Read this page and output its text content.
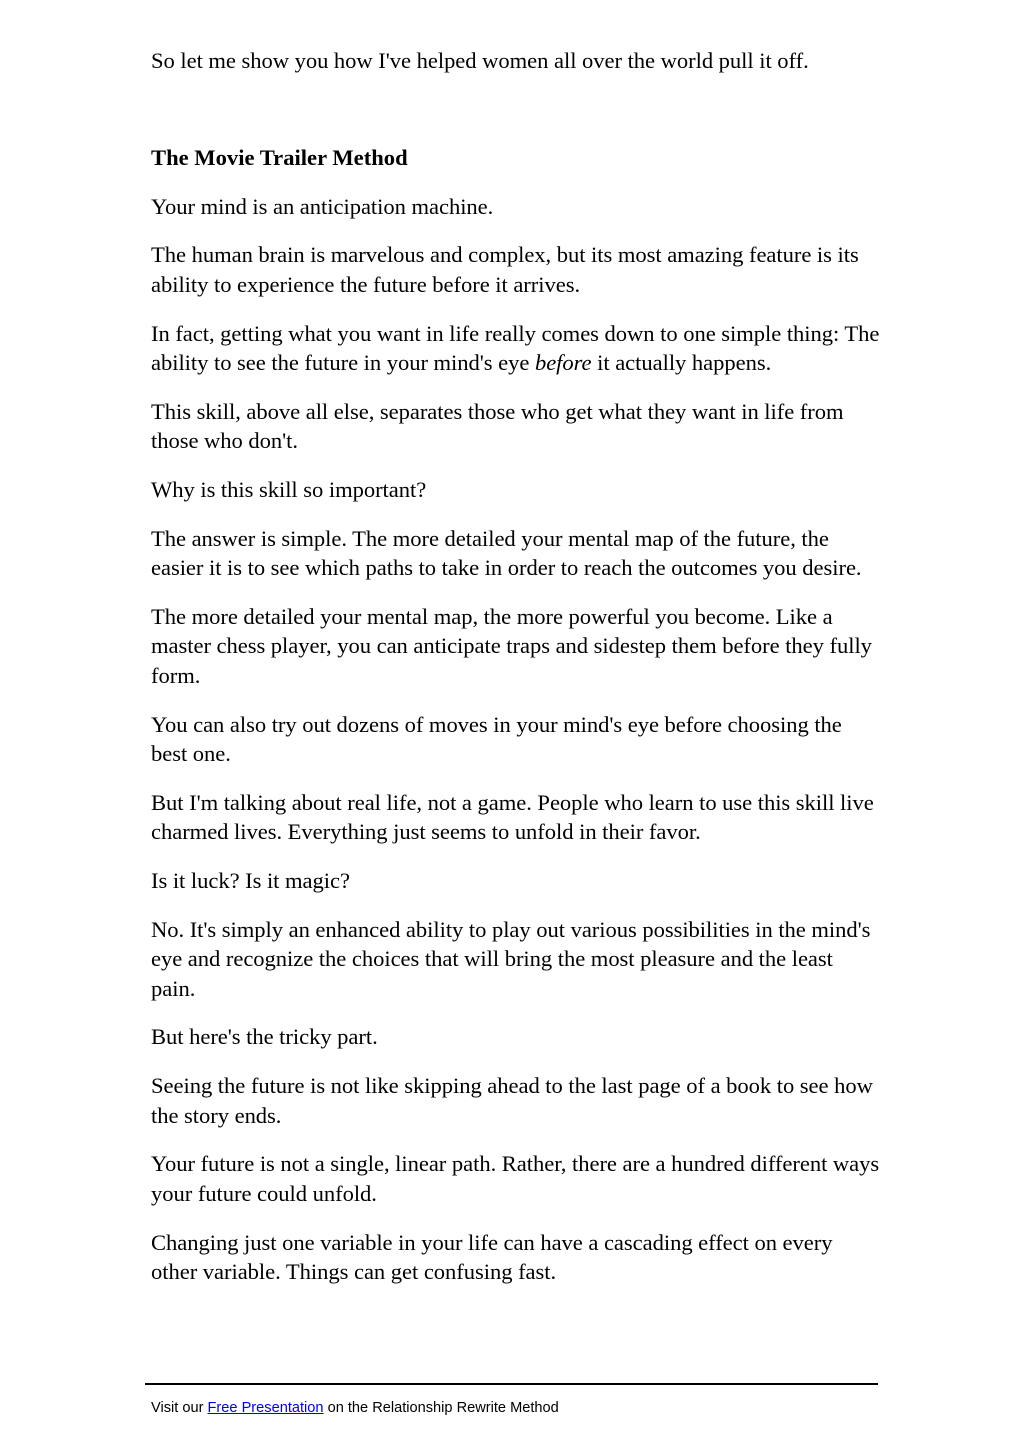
So let me show you how I've helped women all over the world pull it off.

The Movie Trailer Method

Your mind is an anticipation machine.

The human brain is marvelous and complex, but its most amazing feature is its ability to experience the future before it arrives.

In fact, getting what you want in life really comes down to one simple thing: The ability to see the future in your mind's eye before it actually happens.

This skill, above all else, separates those who get what they want in life from those who don't.

Why is this skill so important?

The answer is simple. The more detailed your mental map of the future, the easier it is to see which paths to take in order to reach the outcomes you desire.

The more detailed your mental map, the more powerful you become. Like a master chess player, you can anticipate traps and sidestep them before they fully form.

You can also try out dozens of moves in your mind's eye before choosing the best one.

But I'm talking about real life, not a game. People who learn to use this skill live charmed lives. Everything just seems to unfold in their favor.

Is it luck? Is it magic?

No. It's simply an enhanced ability to play out various possibilities in the mind's eye and recognize the choices that will bring the most pleasure and the least pain.

But here's the tricky part.

Seeing the future is not like skipping ahead to the last page of a book to see how the story ends.

Your future is not a single, linear path. Rather, there are a hundred different ways your future could unfold.

Changing just one variable in your life can have a cascading effect on every other variable. Things can get confusing fast.

Visit our Free Presentation on the Relationship Rewrite Method
